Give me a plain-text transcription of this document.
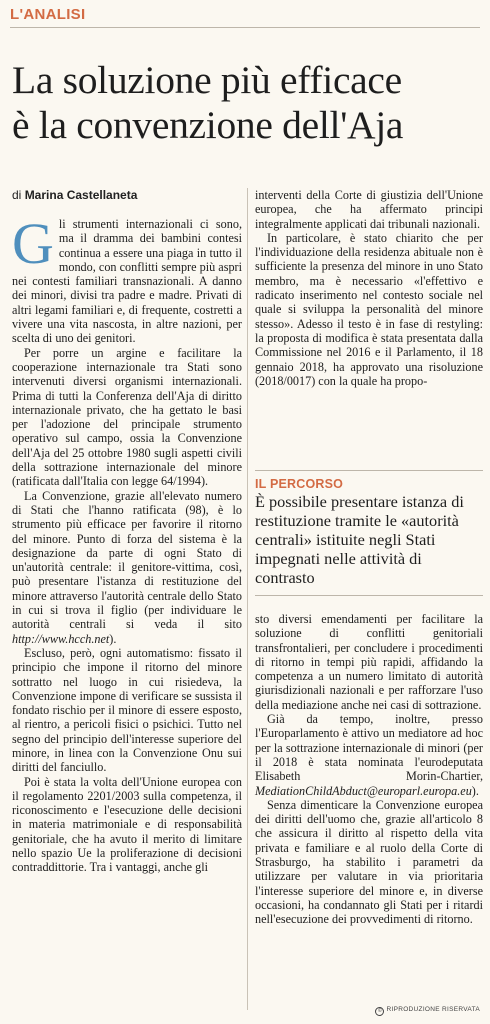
L'ANALISI
La soluzione più efficace
è la convenzione dell'Aja
di Marina Castellaneta

Gli strumenti internazionali ci sono, ma il dramma dei bambini contesi continua a essere una piaga in tutto il mondo, con conflitti sempre più aspri nei contesti familiari transnazionali. A danno dei minori, divisi tra padre e madre. Privati di altri legami familiari e, di frequente, costretti a vivere una vita nascosta, in altre nazioni, per scelta di uno dei genitori.

Per porre un argine e facilitare la cooperazione internazionale tra Stati sono intervenuti diversi organismi internazionali. Prima di tutti la Conferenza dell'Aja di diritto internazionale privato, che ha gettato le basi per l'adozione del principale strumento operativo sul campo, ossia la Convenzione dell'Aja del 25 ottobre 1980 sugli aspetti civili della sottrazione internazionale del minore (ratificata dall'Italia con legge 64/1994).

La Convenzione, grazie all'elevato numero di Stati che l'hanno ratificata (98), è lo strumento più efficace per favorire il ritorno del minore. Punto di forza del sistema è la designazione da parte di ogni Stato di un'autorità centrale: il genitore-vittima, così, può presentare l'istanza di restituzione del minore attraverso l'autorità centrale dello Stato in cui si trova il figlio (per individuare le autorità centrali si veda il sito http://www.hcch.net).

Escluso, però, ogni automatismo: fissato il principio che impone il ritorno del minore sottratto nel luogo in cui risiedeva, la Convenzione impone di verificare se sussista il fondato rischio per il minore di essere esposto, al rientro, a pericoli fisici o psichici. Tutto nel segno del principio dell'interesse superiore del minore, in linea con la Convenzione Onu sui diritti del fanciullo.

Poi è stata la volta dell'Unione europea con il regolamento 2201/2003 sulla competenza, il riconoscimento e l'esecuzione delle decisioni in materia matrimoniale e di responsabilità genitoriale, che ha avuto il merito di limitare nello spazio Ue la proliferazione di decisioni contraddittorie. Tra i vantaggi, anche gli

interventi della Corte di giustizia dell'Unione europea, che ha affermato principi integralmente applicati dai tribunali nazionali.

In particolare, è stato chiarito che per l'individuazione della residenza abituale non è sufficiente la presenza del minore in uno Stato membro, ma è necessario «l'effettivo e radicato inserimento nel contesto sociale nel quale si sviluppa la personalità del minore stesso». Adesso il testo è in fase di restyling: la proposta di modifica è stata presentata dalla Commissione nel 2016 e il Parlamento, il 18 gennaio 2018, ha approvato una risoluzione (2018/0017) con la quale ha propo-

IL PERCORSO
È possibile presentare istanza di restituzione tramite le «autorità centrali» istituite negli Stati impegnati nelle attività di contrasto

sto diversi emendamenti per facilitare la soluzione di conflitti genitoriali transfrontalieri, per concludere i procedimenti di ritorno in tempi più rapidi, affidando la competenza a un numero limitato di autorità giurisdizionali nazionali e per rafforzare l'uso della mediazione anche nei casi di sottrazione.

Già da tempo, inoltre, presso l'Europarlamento è attivo un mediatore ad hoc per la sottrazione internazionale di minori (per il 2018 è stata nominata l'eurodeputata Elisabeth Morin-Chartier, MediationChildAbduct@europarl.europa.eu).

Senza dimenticare la Convenzione europea dei diritti dell'uomo che, grazie all'articolo 8 che assicura il diritto al rispetto della vita privata e familiare e al ruolo della Corte di Strasburgo, ha stabilito i parametri da utilizzare per valutare in via prioritaria l'interesse superiore del minore e, in diverse occasioni, ha condannato gli Stati per i ritardi nell'esecuzione dei provvedimenti di ritorno.

© RIPRODUZIONE RISERVATA
